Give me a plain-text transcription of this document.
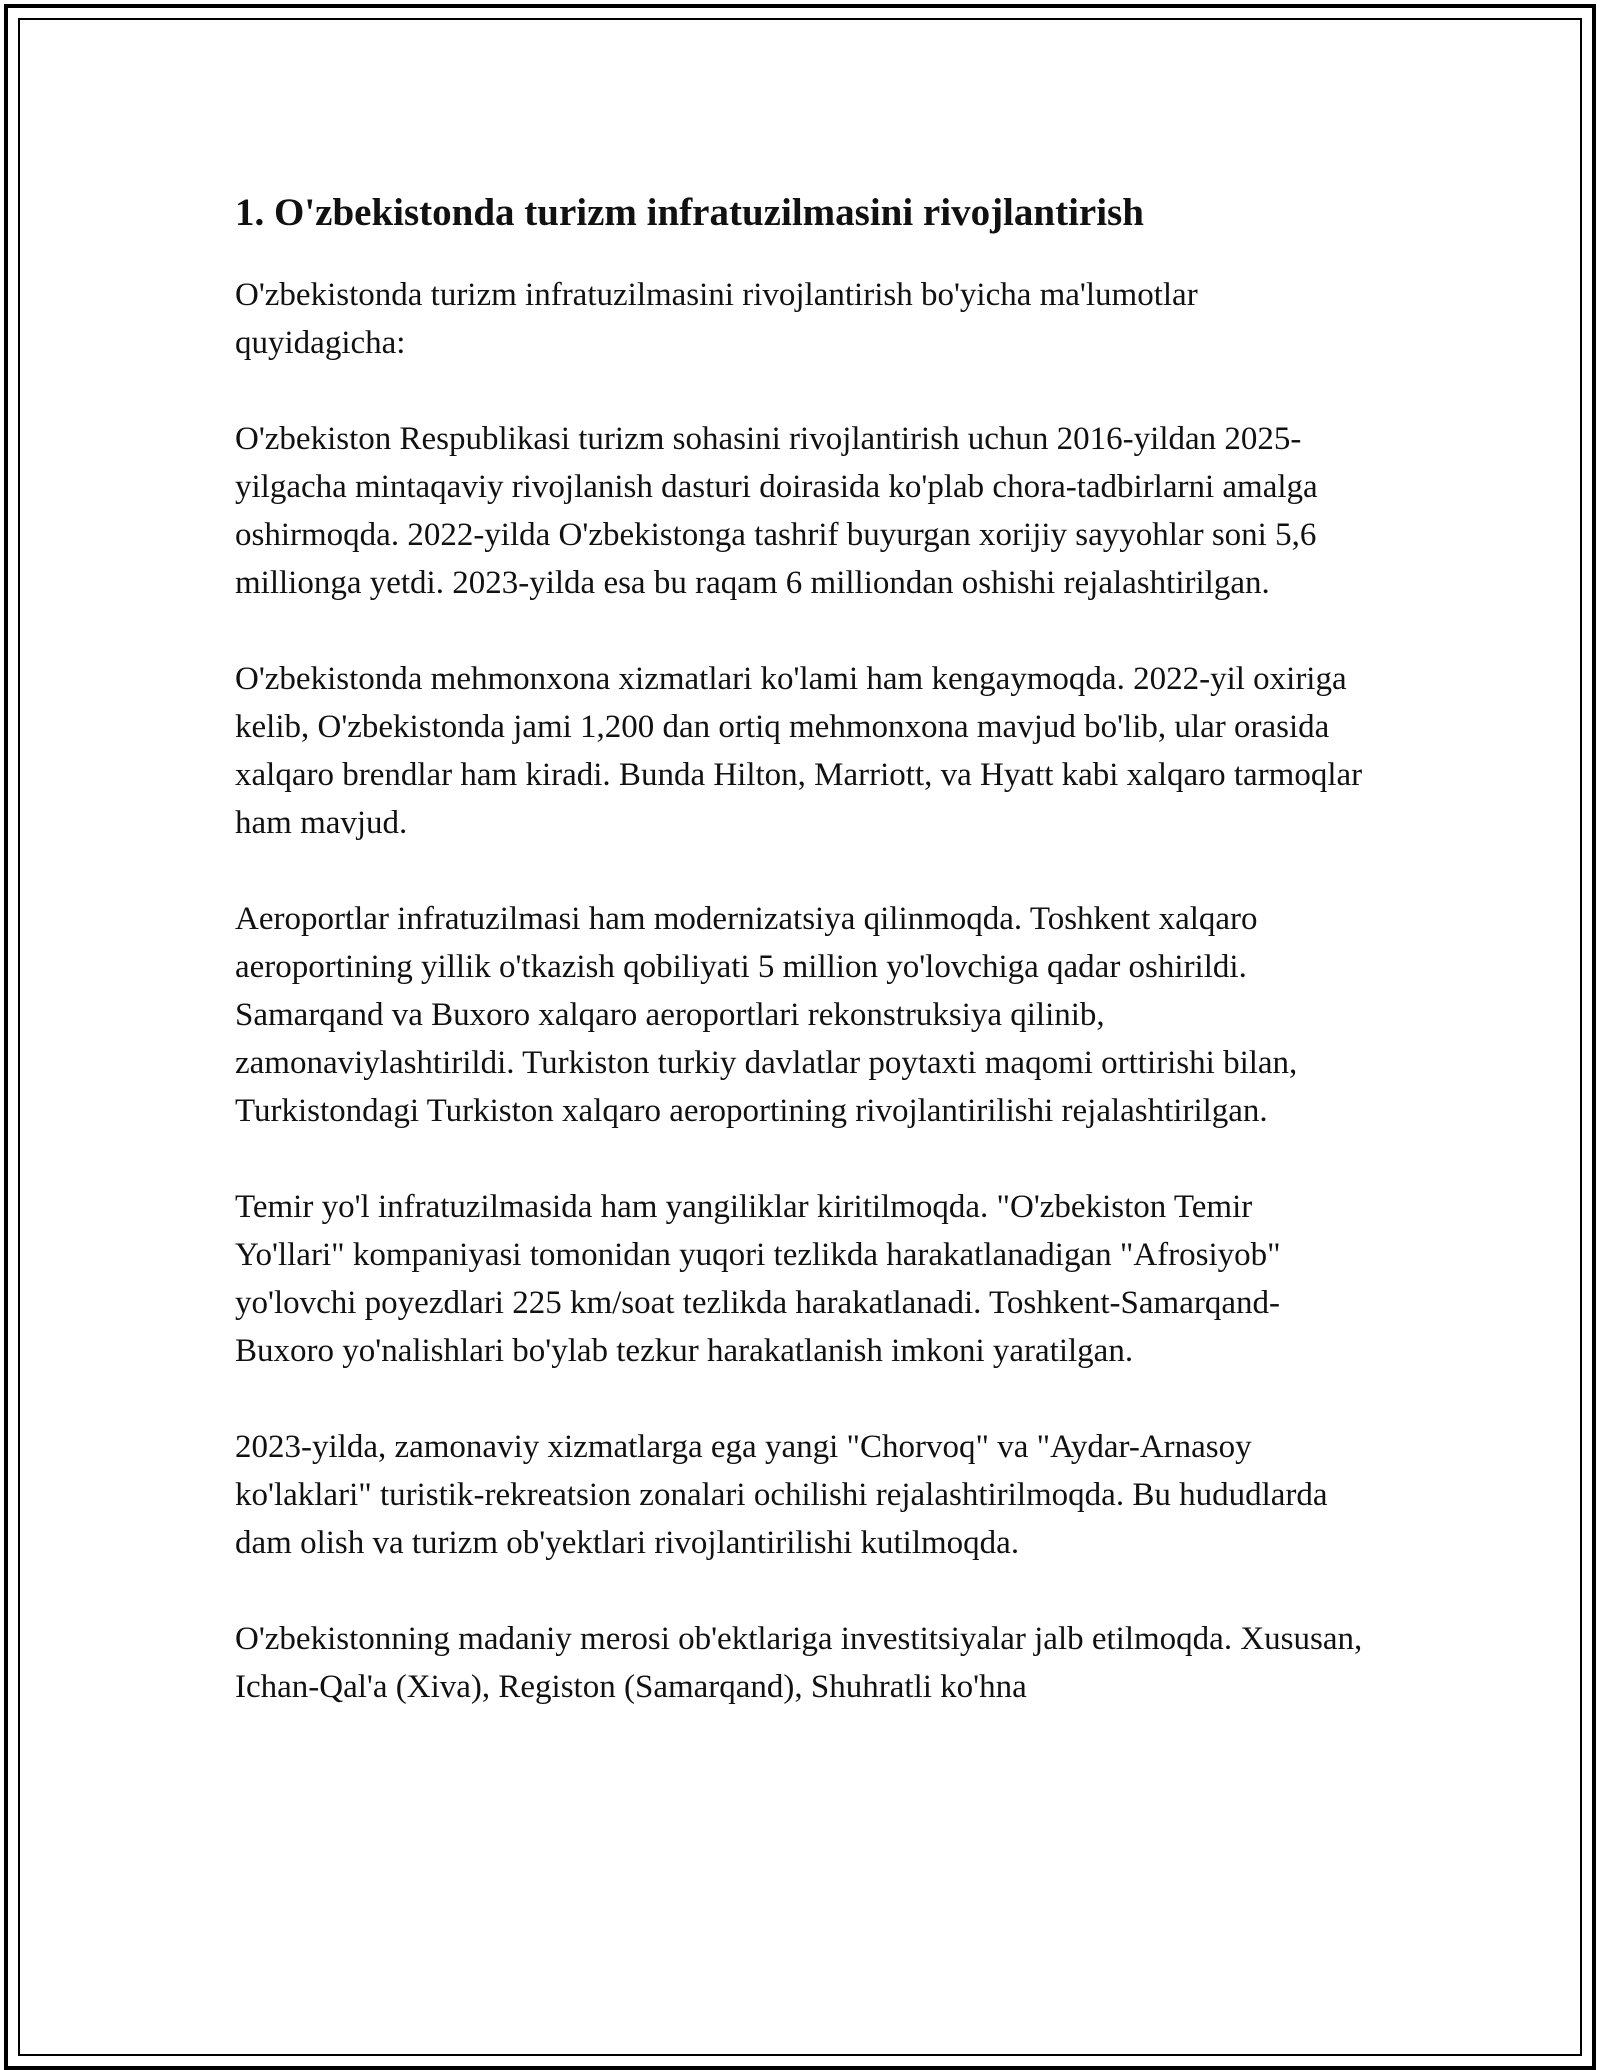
1. O'zbekistonda turizm infratuzilmasini rivojlantirish

O'zbekistonda turizm infratuzilmasini rivojlantirish bo'yicha ma'lumotlar quyidagicha:

O'zbekiston Respublikasi turizm sohasini rivojlantirish uchun 2016-yildan 2025-yilgacha mintaqaviy rivojlanish dasturi doirasida ko'plab chora-tadbirlarni amalga oshirmoqda. 2022-yilda O'zbekistonga tashrif buyurgan xorijiy sayyohlar soni 5,6 millionga yetdi. 2023-yilda esa bu raqam 6 milliondan oshishi rejalashtirilgan.

O'zbekistonda mehmonxona xizmatlari ko'lami ham kengaymoqda. 2022-yil oxiriga kelib, O'zbekistonda jami 1,200 dan ortiq mehmonxona mavjud bo'lib, ular orasida xalqaro brendlar ham kiradi. Bunda Hilton, Marriott, va Hyatt kabi xalqaro tarmoqlar ham mavjud.

Aeroportlar infratuzilmasi ham modernizatsiya qilinmoqda. Toshkent xalqaro aeroportining yillik o'tkazish qobiliyati 5 million yo'lovchiga qadar oshirildi. Samarqand va Buxoro xalqaro aeroportlari rekonstruksiya qilinib, zamonaviylashtirildi. Turkiston turkiy davlatlar poytaxti maqomi orttirishi bilan, Turkistondagi Turkiston xalqaro aeroportining rivojlantirilishi rejalashtirilgan.

Temir yo'l infratuzilmasida ham yangiliklar kiritilmoqda. "O'zbekiston Temir Yo'llari" kompaniyasi tomonidan yuqori tezlikda harakatlanadigan "Afrosiyob" yo'lovchi poyezdlari 225 km/soat tezlikda harakatlanadi. Toshkent-Samarqand-Buxoro yo'nalishlari bo'ylab tezkur harakatlanish imkoni yaratilgan.

2023-yilda, zamonaviy xizmatlarga ega yangi "Chorvoq" va "Aydar-Arnasoy ko'laklari" turistik-rekreatsion zonalari ochilishi rejalashtirilmoqda. Bu hududlarda dam olish va turizm ob'yektlari rivojlantirilishi kutilmoqda.

O'zbekistonning madaniy merosi ob'ektlariga investitsiyalar jalb etilmoqda. Xususan, Ichan-Qal'a (Xiva), Registon (Samarqand), Shuhratli ko'hna
